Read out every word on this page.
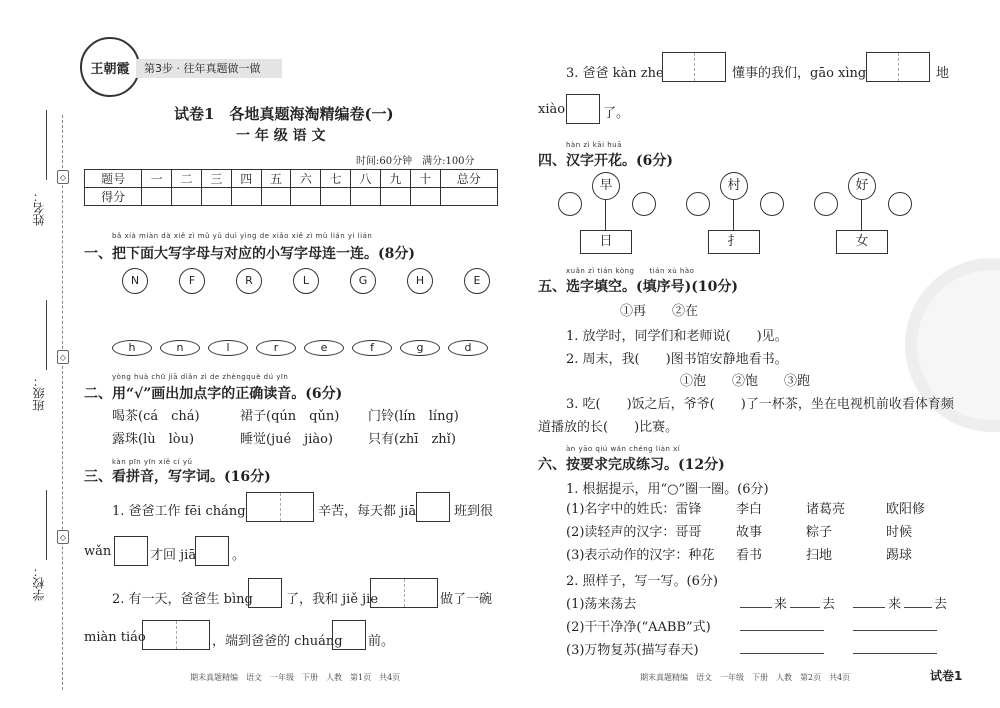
姓名：
班级：
学校：
◇
◇
◇
王朝霞	第3步 · 往年真题做一做
试卷1　各地真题海淘精编卷(一)
一 年 级 语 文
时间:60分钟　满分:100分
题号	一	二	三	四	五	六	七	八	九	十	总分
得分											
bǎ xià miàn dà xiě zì mǔ yǔ duì yìng de xiǎo xiě zì mǔ lián yi lián
一、把下面大写字母与对应的小写字母连一连。(8分)
N	F	R	L	G	H	E
h	n	l	r	e	f	g	d
yòng huà chū jiā diǎn zì de zhèngquè dú yīn
二、用“√”画出加点字的正确读音。(6分)
喝茶(cá　chá)	裙子(qún　qǔn) 门铃(lín　líng)
露珠(lù　lòu)	睡觉(jué　jiào)	只有(zhī　zhǐ)
kàn pīn yīn xiě cí yǔ
三、看拼音，写字词。(16分)
1. 爸爸工作 fēi cháng	辛苦，每天都 jiā	班到很
wǎn	才回 jiā	。
2. 有一天，爸爸生 bìng	了，我和 jiě jie	做了一碗
miàn tiáo	，端到爸爸的 chuáng 前。
期末真题精编　语文　一年级　下册　人教　第1页　共4页
3. 爸爸 kàn zhe	懂事的我们，gāo xìng	地
xiào	了。
hàn zì kāi huā
四、汉字开花。(6分)
早
日
村
扌
好
女
xuǎn zì tián kòng　　tián xù hào
五、选字填空。(填序号)(10分)
①再　　②在
1. 放学时，同学们和老师说(　　)见。
2. 周末，我(　　)图书馆安静地看书。
①泡　　②饱　　③跑
3. 吃(　　)饭之后，爷爷(　　)了一杯茶，坐在电视机前收看体育频
道播放的长(　　)比赛。
àn yāo qiú wán chéng liàn xí
六、按要求完成练习。(12分)
1. 根据提示，用“○”圈一圈。(6分)
(1)名字中的姓氏：雷锋	李白	诸葛亮	欧阳修
(2)读轻声的汉字：哥哥	故事	粽子	时候
(3)表示动作的汉字：种花 看书	扫地	踢球
2. 照样子，写一写。(6分)
(1)荡来荡去	来	去	来	去
(2)干干净净(“AABB”式)
(3)万物复苏(描写春天)
期末真题精编　语文　一年级　下册　人教　第2页　共4页	试卷1
